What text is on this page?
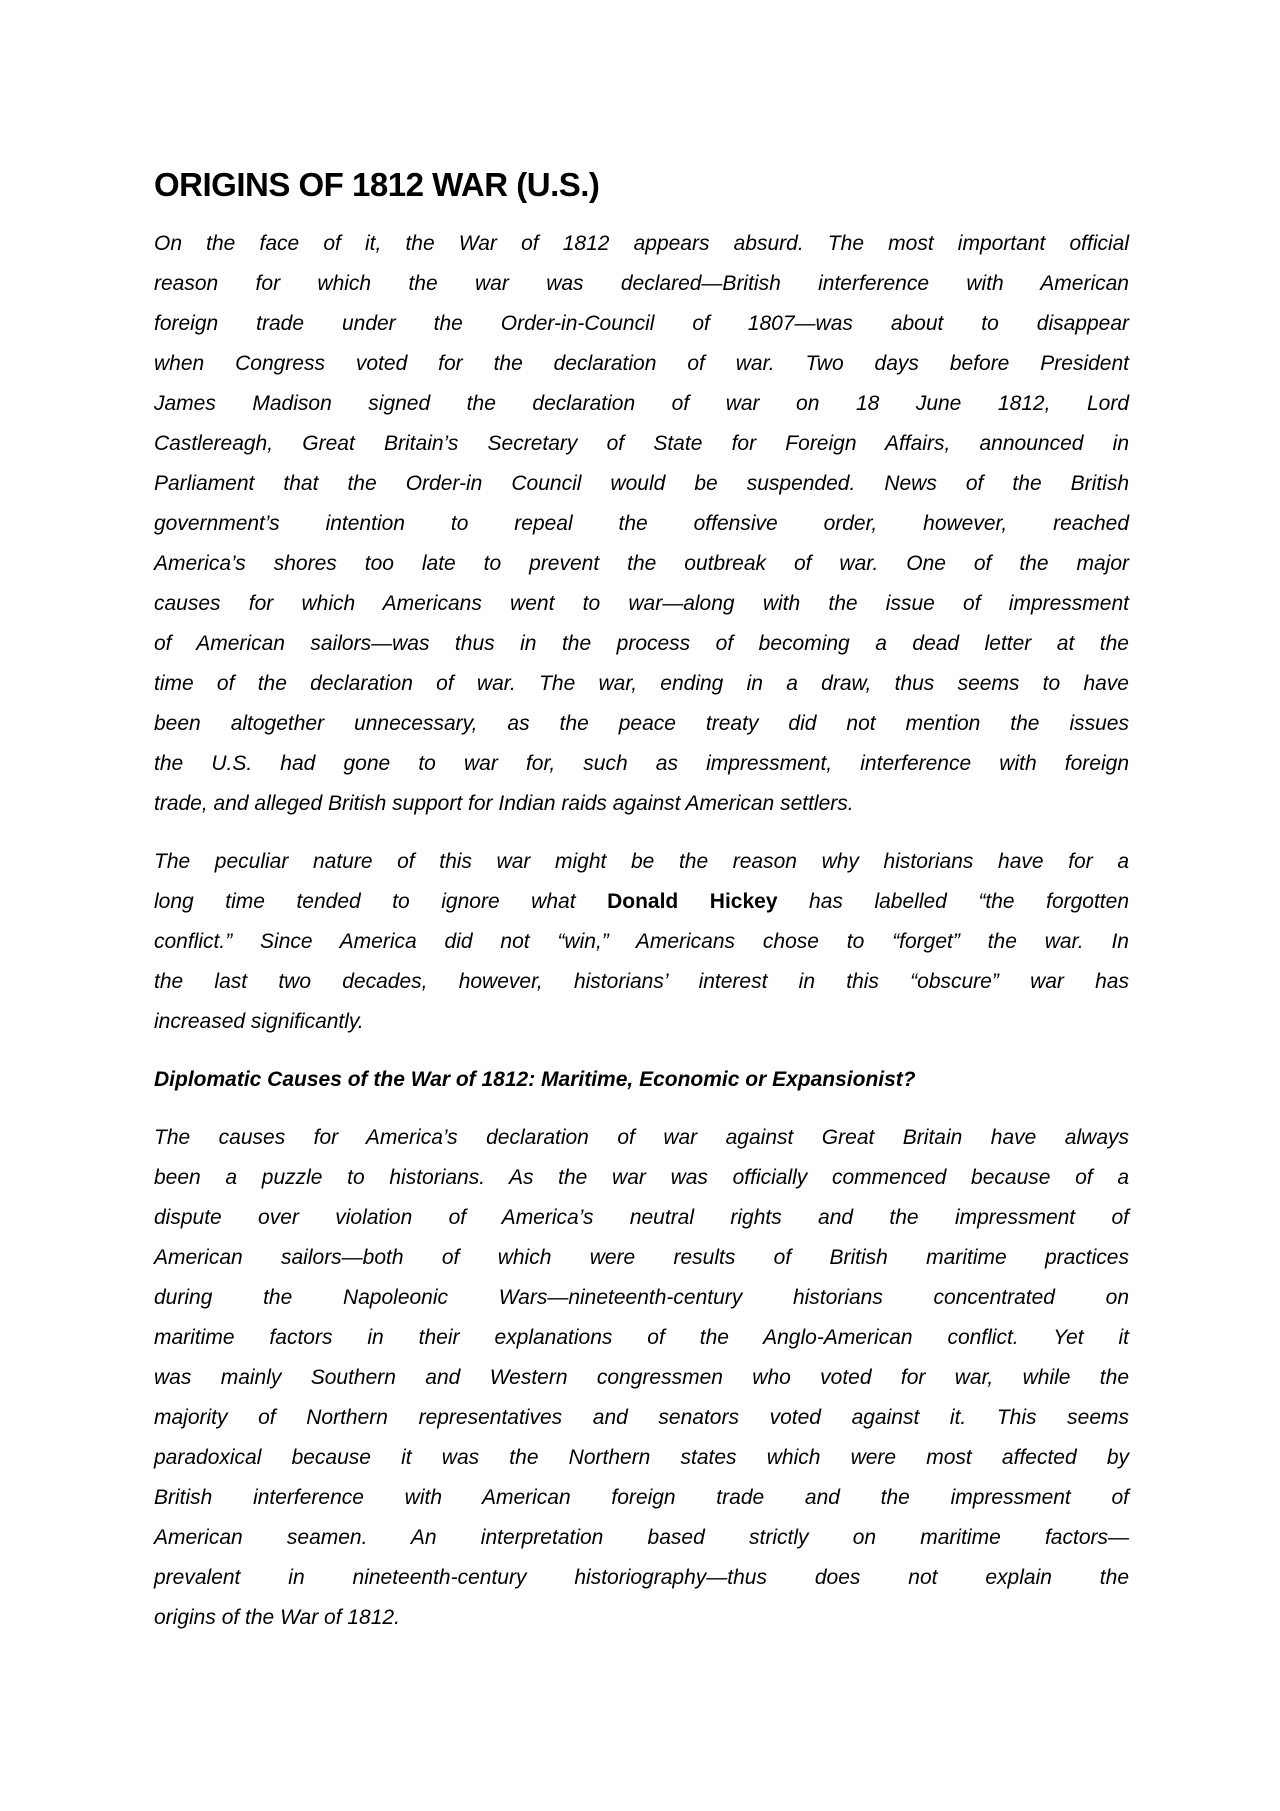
ORIGINS OF 1812 WAR (U.S.)
On the face of it, the War of 1812 appears absurd. The most important official
reason for which the war was declared—British interference with American
foreign trade under the Order-in-Council of 1807—was about to disappear
when Congress voted for the declaration of war. Two days before President
James Madison signed the declaration of war on 18 June 1812, Lord
Castlereagh, Great Britain’s Secretary of State for Foreign Affairs, announced in
Parliament that the Order-in Council would be suspended. News of the British
government’s intention to repeal the offensive order, however, reached
America’s shores too late to prevent the outbreak of war. One of the major
causes for which Americans went to war—along with the issue of impressment
of American sailors—was thus in the process of becoming a dead letter at the
time of the declaration of war. The war, ending in a draw, thus seems to have
been altogether unnecessary, as the peace treaty did not mention the issues
the U.S. had gone to war for, such as impressment, interference with foreign
trade, and alleged British support for Indian raids against American settlers.
The peculiar nature of this war might be the reason why historians have for a
long time tended to ignore what Donald Hickey has labelled “the forgotten
conflict.” Since America did not “win,” Americans chose to “forget” the war. In
the last two decades, however, historians’ interest in this “obscure” war has
increased significantly.
Diplomatic Causes of the War of 1812: Maritime, Economic or Expansionist?
The causes for America’s declaration of war against Great Britain have always
been a puzzle to historians. As the war was officially commenced because of a
dispute over violation of America’s neutral rights and the impressment of
American sailors—both of which were results of British maritime practices
during the Napoleonic Wars—nineteenth-century historians concentrated on
maritime factors in their explanations of the Anglo-American conflict. Yet it
was mainly Southern and Western congressmen who voted for war, while the
majority of Northern representatives and senators voted against it. This seems
paradoxical because it was the Northern states which were most affected by
British interference with American foreign trade and the impressment of
American seamen. An interpretation based strictly on maritime factors—
prevalent in nineteenth-century historiography—thus does not explain the
origins of the War of 1812.
